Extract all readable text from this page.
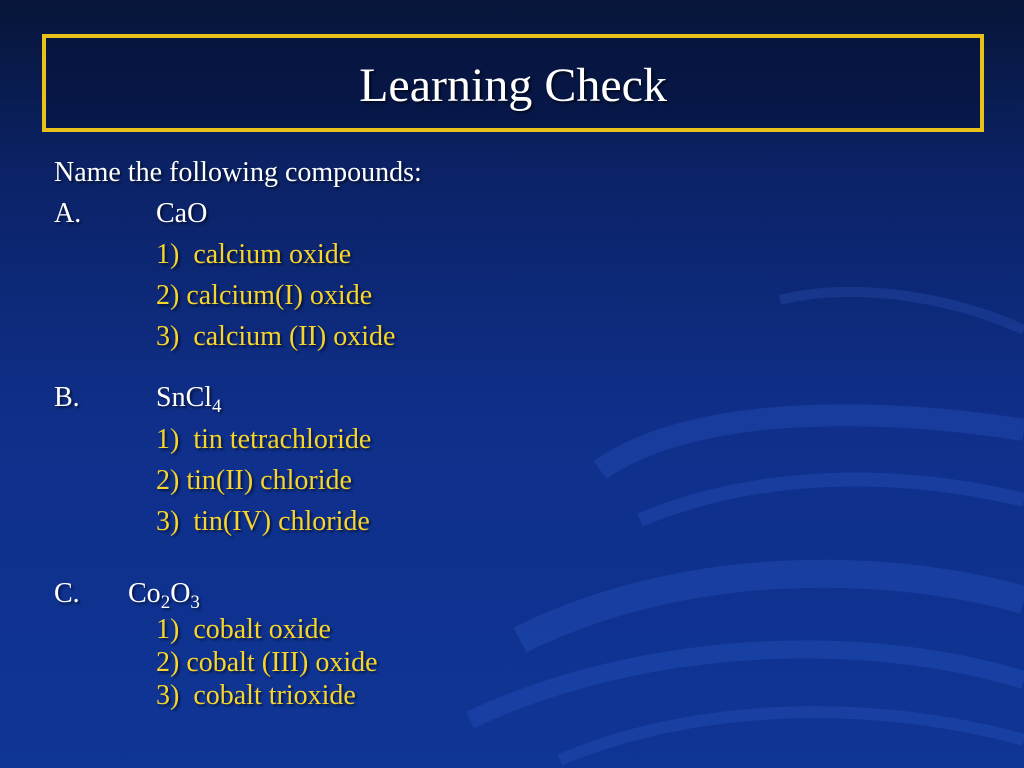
Learning Check
Name the following compounds:
A.	CaO
1)  calcium oxide
2) calcium(I) oxide
3)  calcium (II) oxide
B.	SnCl$_4$
1)  tin tetrachloride
2) tin(II) chloride
3)  tin(IV) chloride
C. $Co_2O_3$
1)  cobalt oxide
2) cobalt (III) oxide
3)  cobalt trioxide
